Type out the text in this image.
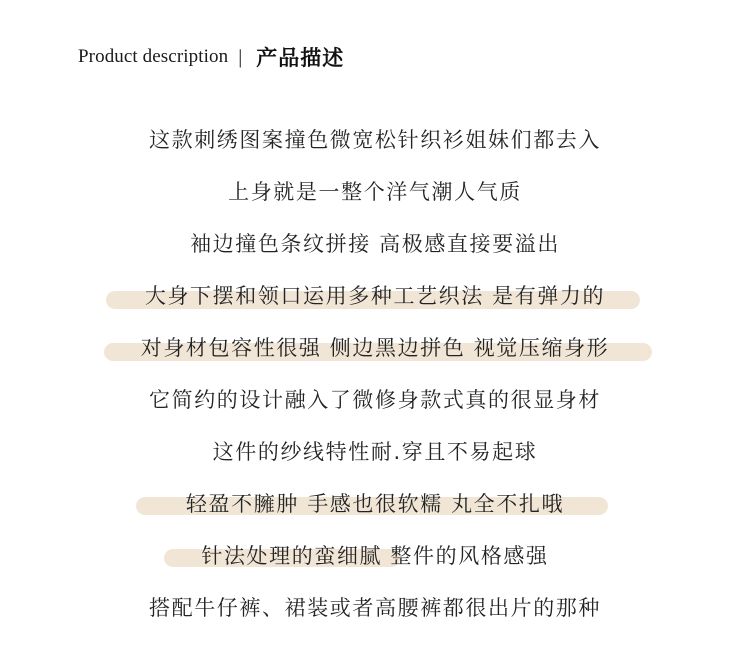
Product description | 产品描述
这款刺绣图案撞色微宽松针织衫姐妹们都去入
上身就是一整个洋气潮人气质
袖边撞色条纹拼接 高极感直接要溢出
大身下摆和领口运用多种工艺织法 是有弹力的
对身材包容性很强 侧边黑边拼色 视觉压缩身形
它简约的设计融入了微修身款式真的很显身材
这件的纱线特性耐.穿且不易起球
轻盈不臃肿 手感也很软糯 丸全不扎哦
针法处理的蛮细腻 整件的风格感强
搭配牛仔裤、裙装或者高腰裤都很出片的那种
